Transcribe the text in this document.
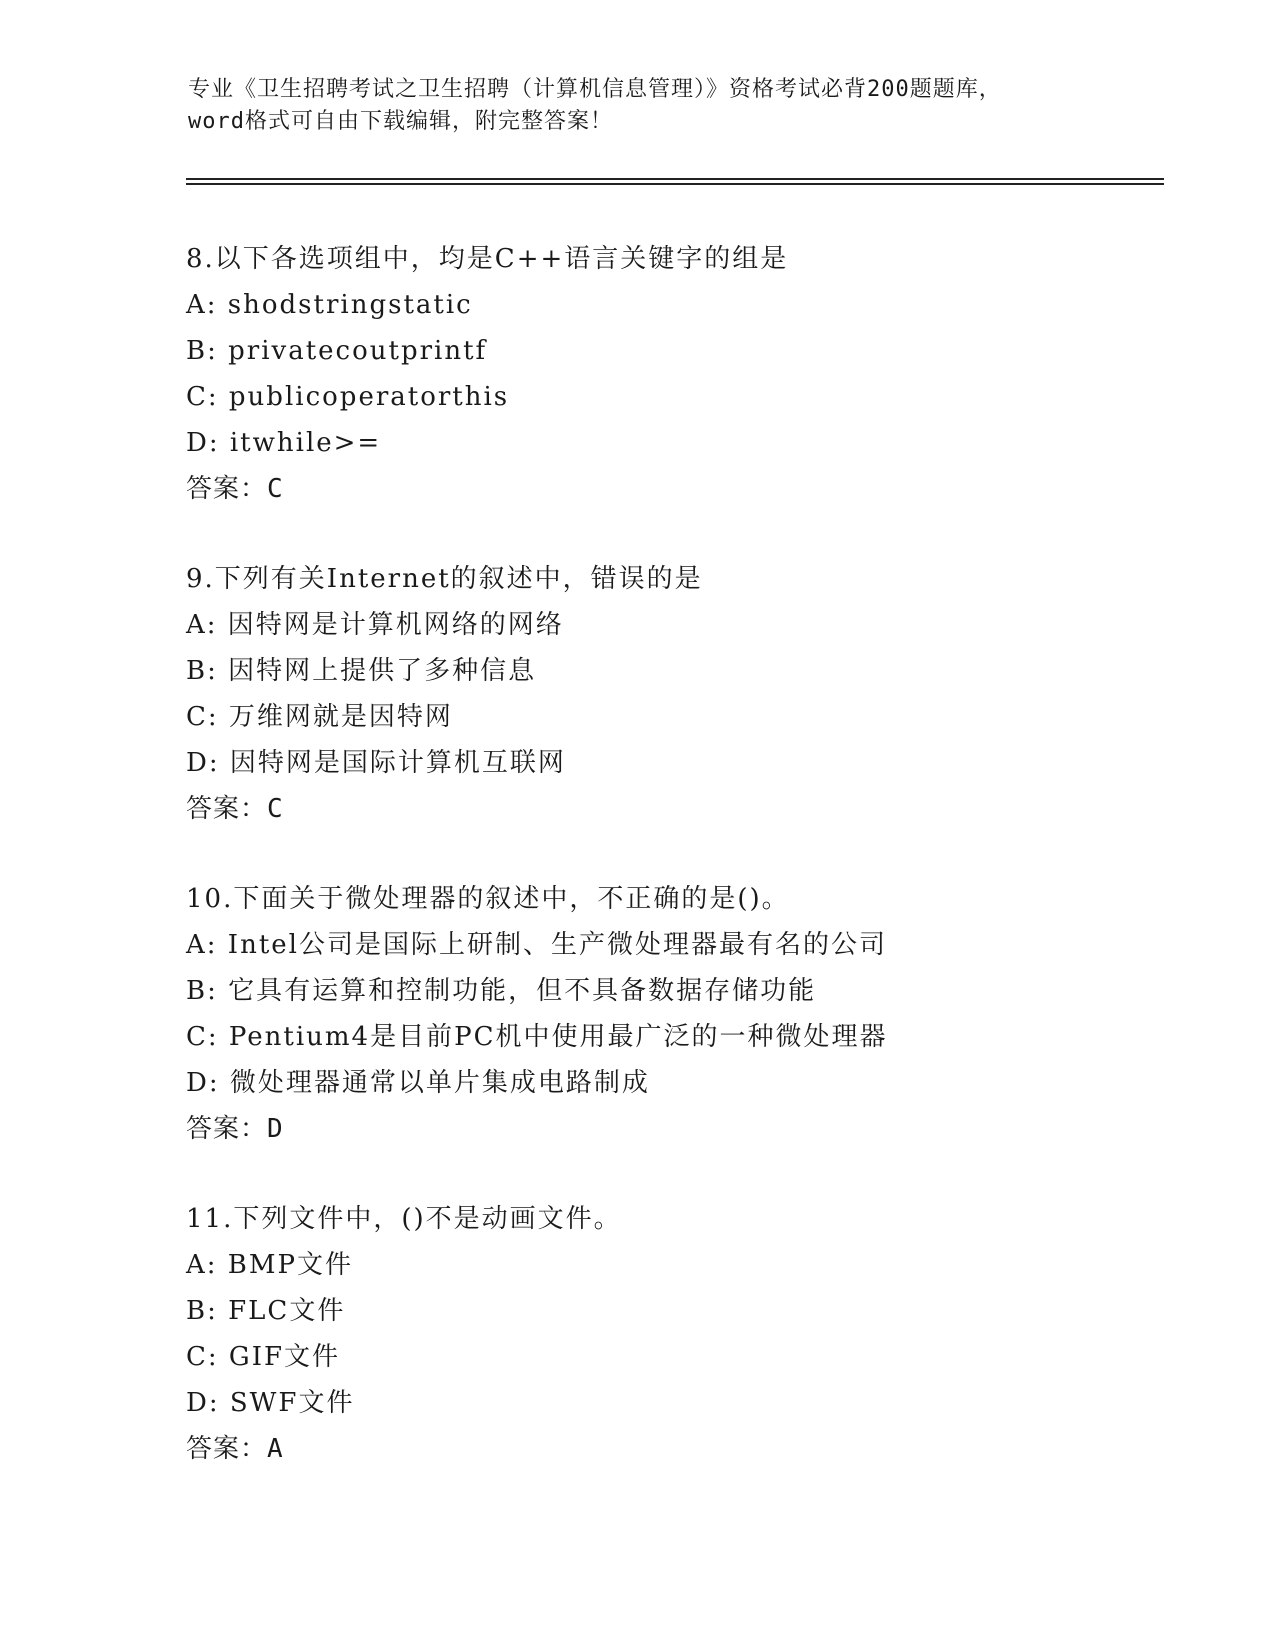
专业《卫生招聘考试之卫生招聘（计算机信息管理）》资格考试必背200题题库，
word格式可自由下载编辑，附完整答案！
8.以下各选项组中，均是C++语言关键字的组是
A: shodstringstatic
B: privatecoutprintf
C: publicoperatorthis
D: itwhile>=
答案：C
9.下列有关Internet的叙述中，错误的是
A: 因特网是计算机网络的网络
B: 因特网上提供了多种信息
C: 万维网就是因特网
D: 因特网是国际计算机互联网
答案：C
10.下面关于微处理器的叙述中，不正确的是()。
A: Intel公司是国际上研制、生产微处理器最有名的公司
B: 它具有运算和控制功能，但不具备数据存储功能
C: Pentium4是目前PC机中使用最广泛的一种微处理器
D: 微处理器通常以单片集成电路制成
答案：D
11.下列文件中，()不是动画文件。
A: BMP文件
B: FLC文件
C: GIF文件
D: SWF文件
答案：A
